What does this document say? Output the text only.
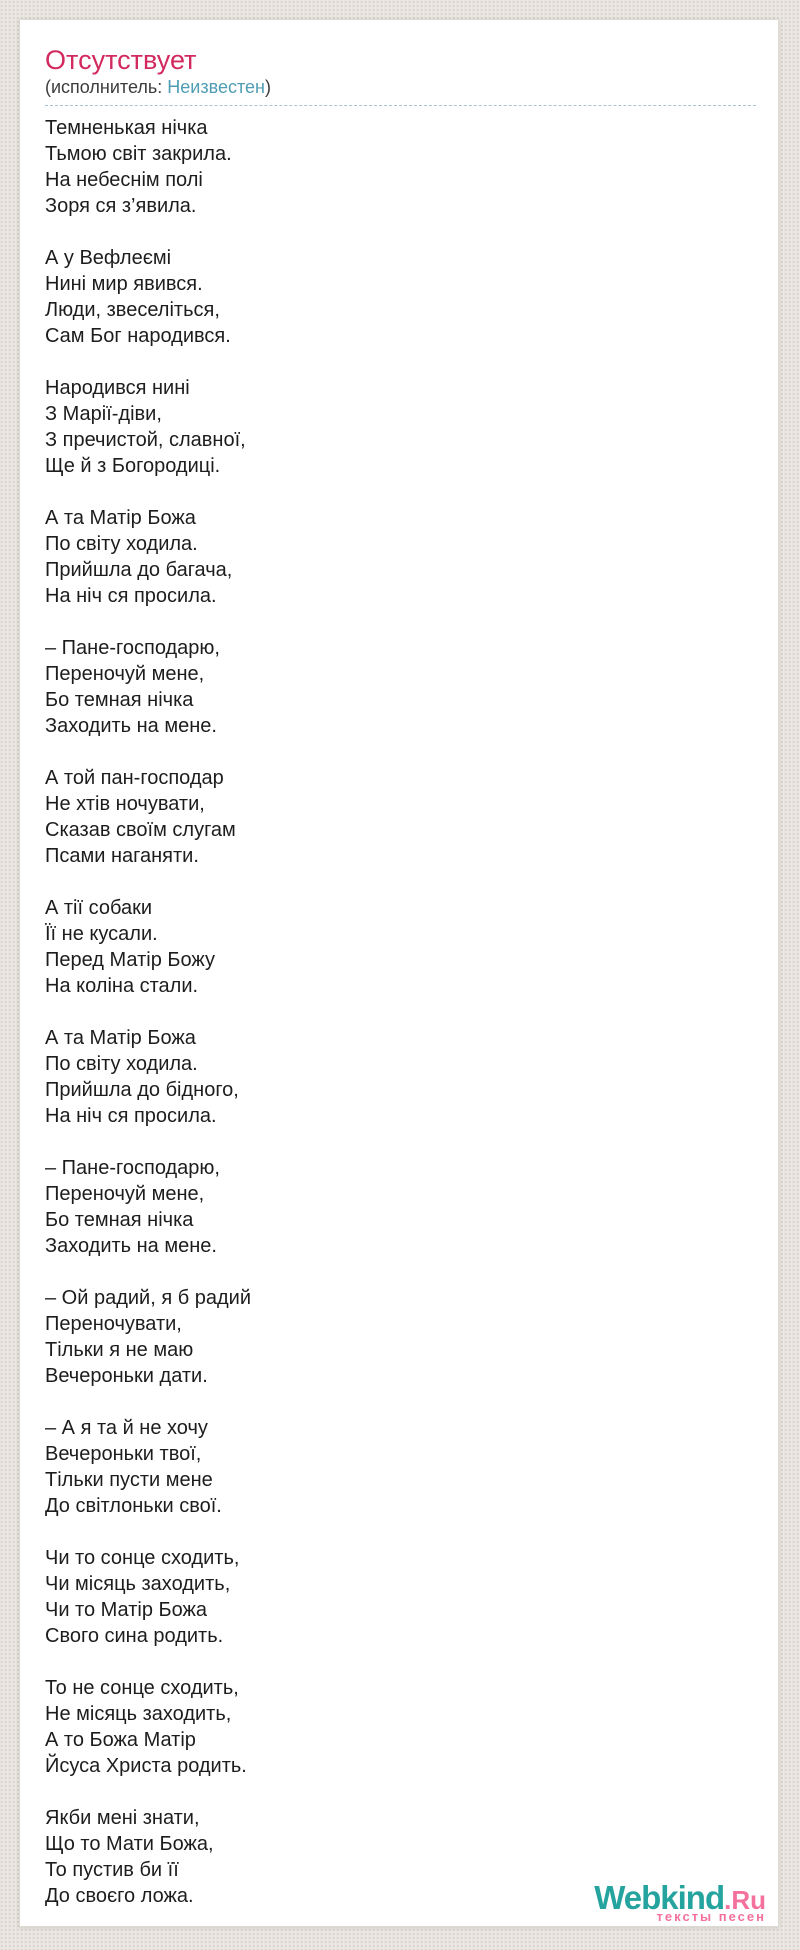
Отсутствует
(исполнитель: Неизвестен)
Темненькая нічка
Тьмою світ закрила.
На небеснім полі
Зоря ся з’явила.
А у Вефлеємі
Нині мир явився.
Люди, звеселіться,
Сам Бог народився.
Народився нині
З Марії-діви,
З пречистой, славної,
Ще й з Богородиці.
А та Матір Божа
По світу ходила.
Прийшла до багача,
На ніч ся просила.
– Пане-господарю,
Переночуй мене,
Бо темная нічка
Заходить на мене.
А той пан-господар
Не хтів ночувати,
Сказав своїм слугам
Псами наганяти.
А тії собаки
Її не кусали.
Перед Матір Божу
На коліна стали.
А та Матір Божа
По світу ходила.
Прийшла до бідного,
На ніч ся просила.
– Пане-господарю,
Переночуй мене,
Бо темная нічка
Заходить на мене.
– Ой радий, я б радий
Переночувати,
Тільки я не маю
Вечероньки дати.
– А я та й не хочу
Вечероньки твої,
Тільки пусти мене
До світлоньки свої.
Чи то сонце сходить,
Чи місяць заходить,
Чи то Матір Божа
Свого сина родить.
То не сонце сходить,
Не місяць заходить,
А то Божа Матір
Йсуса Христа родить.
Якби мені знати,
Що то Мати Божа,
То пустив би її
До своєго ложа.	Webkind.Ru
тексты песен
